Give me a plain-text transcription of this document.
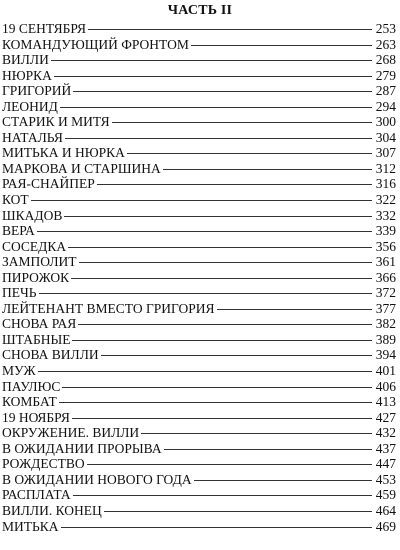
ЧАСТЬ II
19 СЕНТЯБРЯ	253
КОМАНДУЮЩИЙ ФРОНТОМ	263
ВИЛЛИ	268
НЮРКА	279
ГРИГОРИЙ	287
ЛЕОНИД	294
СТАРИК И МИТЯ	300
НАТАЛЬЯ	304
МИТЬКА И НЮРКА	307
МАРКОВА И СТАРШИНА	312
РАЯ-СНАЙПЕР	316
КОТ	322
ШКАДОВ	332
ВЕРА	339
СОСЕДКА	356
ЗАМПОЛИТ	361
ПИРОЖОК	366
ПЕЧЬ	372
ЛЕЙТЕНАНТ ВМЕСТО ГРИГОРИЯ	377
СНОВА РАЯ	382
ШТАБНЫЕ	389
СНОВА ВИЛЛИ	394
МУЖ	401
ПАУЛЮС	406
КОМБАТ	413
19 НОЯБРЯ	427
ОКРУЖЕНИЕ. ВИЛЛИ	432
В ОЖИДАНИИ ПРОРЫВА	437
РОЖДЕСТВО	447
В ОЖИДАНИИ НОВОГО ГОДА	453
РАСПЛАТА	459
ВИЛЛИ. КОНЕЦ	464
МИТЬКА	469
